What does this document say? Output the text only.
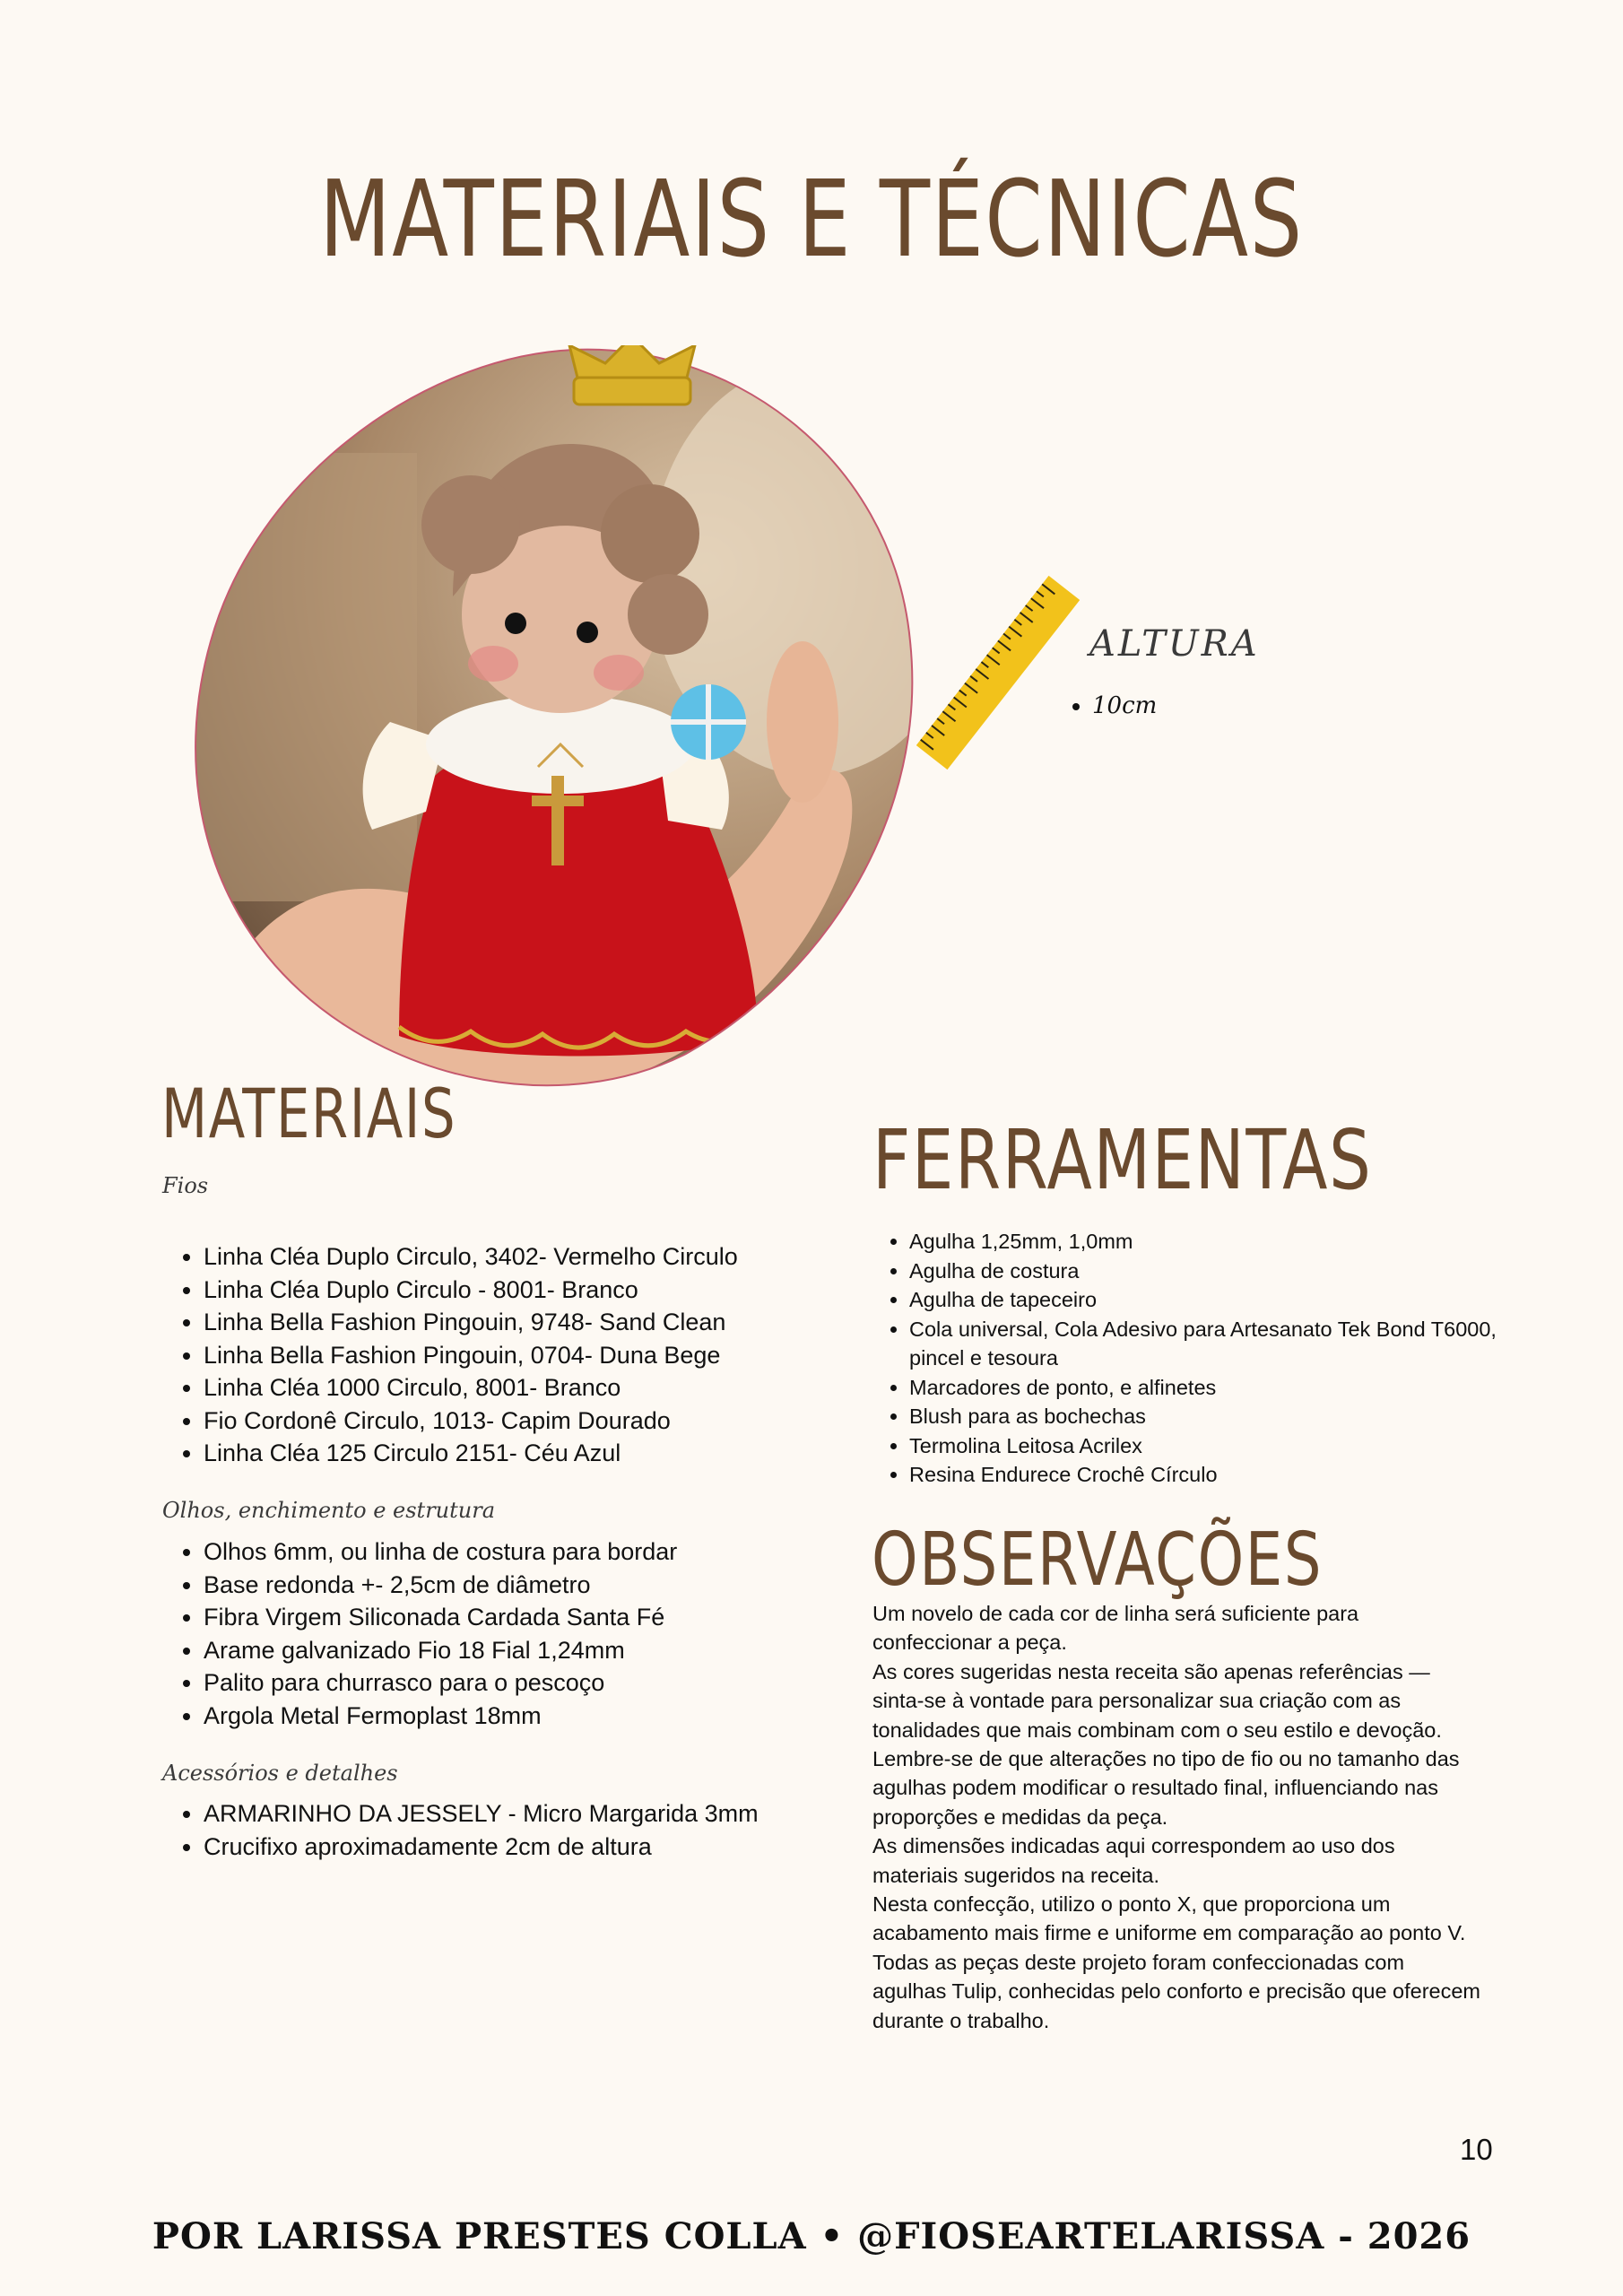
MATERIAIS E TÉCNICAS
ALTURA
• 10cm
MATERIAIS
Fios
• Linha Cléa Duplo Circulo, 3402- Vermelho Circulo
• Linha Cléa Duplo Circulo - 8001- Branco
• Linha Bella Fashion Pingouin, 9748- Sand Clean
• Linha Bella Fashion Pingouin, 0704- Duna Bege
• Linha Cléa 1000 Circulo, 8001- Branco
• Fio Cordonê Circulo, 1013- Capim Dourado
• Linha Cléa 125 Circulo 2151- Céu Azul
Olhos, enchimento e estrutura
• Olhos 6mm, ou linha de costura para bordar
• Base redonda +- 2,5cm de diâmetro
• Fibra Virgem Siliconada Cardada Santa Fé
• Arame galvanizado Fio 18 Fial 1,24mm
• Palito para churrasco para o pescoço
• Argola Metal Fermoplast 18mm
Acessórios e detalhes
• ARMARINHO DA JESSELY - Micro Margarida 3mm
• Crucifixo aproximadamente 2cm de altura
FERRAMENTAS
• Agulha 1,25mm, 1,0mm
• Agulha de costura
• Agulha de tapeceiro
• Cola universal, Cola Adesivo para Artesanato Tek Bond T6000, pincel e tesoura
• Marcadores de ponto, e alfinetes
• Blush para as bochechas
• Termolina Leitosa Acrilex
• Resina Endurece Crochê Círculo
OBSERVAÇÕES

Um novelo de cada cor de linha será suficiente para confeccionar a peça.

As cores sugeridas nesta receita são apenas referências — sinta-se à vontade para personalizar sua criação com as tonalidades que mais combinam com o seu estilo e devoção.

Lembre-se de que alterações no tipo de fio ou no tamanho das agulhas podem modificar o resultado final, influenciando nas proporções e medidas da peça.

As dimensões indicadas aqui correspondem ao uso dos materiais sugeridos na receita.

Nesta confecção, utilizo o ponto X, que proporciona um acabamento mais firme e uniforme em comparação ao ponto V.

Todas as peças deste projeto foram confeccionadas com agulhas Tulip, conhecidas pelo conforto e precisão que oferecem durante o trabalho.

10
POR LARISSA PRESTES COLLA • @FIOSEARTELARISSA - 2026
